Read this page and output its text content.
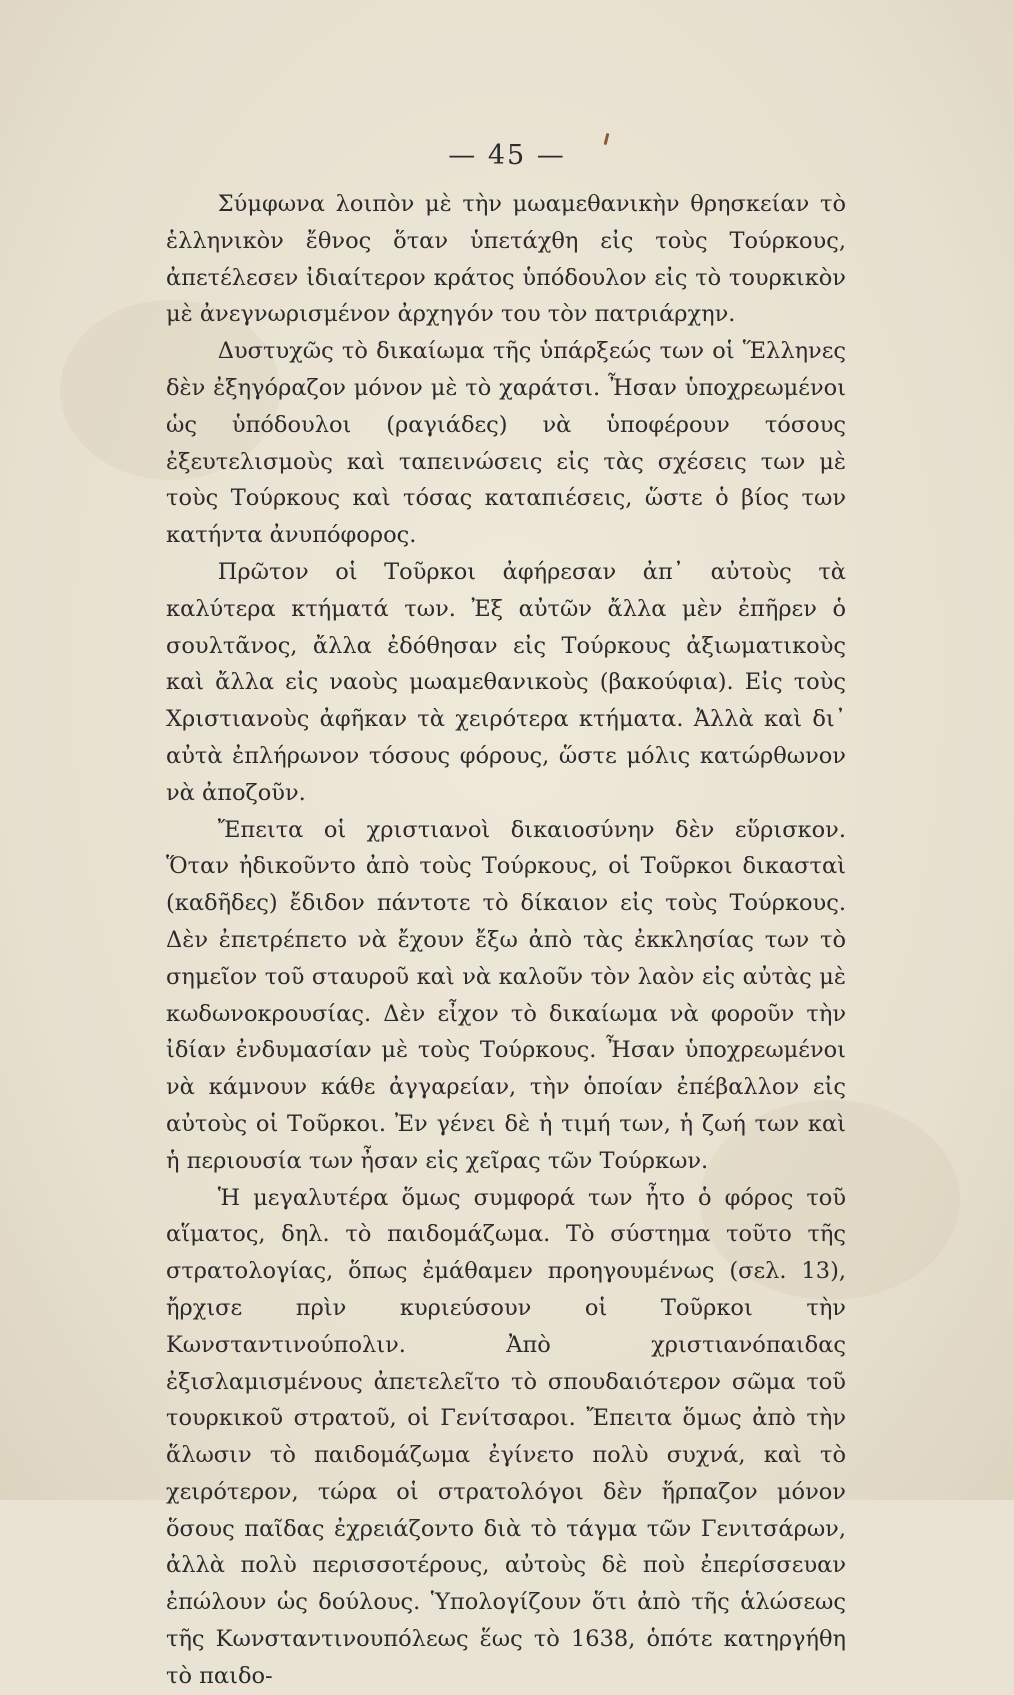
— 45 —

Σύμφωνα λοιπὸν μὲ τὴν μωαμεθανικὴν θρησκείαν τὸ ἑλληνικὸν ἔθνος ὅταν ὑπετάχθη εἰς τοὺς Τούρκους, ἀπετέλεσεν ἰδιαίτερον κράτος ὑπόδουλον εἰς τὸ τουρκικὸν μὲ ἀνεγνωρισμένον ἀρχηγόν του τὸν πατριάρχην.

Δυστυχῶς τὸ δικαίωμα τῆς ὑπάρξεώς των οἱ Ἕλληνες δὲν ἐξηγόραζον μόνον μὲ τὸ χαράτσι. Ἦσαν ὑποχρεωμένοι ὡς ὑπόδουλοι (ραγιάδες) νὰ ὑποφέρουν τόσους ἐξευτελισμοὺς καὶ ταπεινώσεις εἰς τὰς σχέσεις των μὲ τοὺς Τούρκους καὶ τόσας καταπιέσεις, ὥστε ὁ βίος των κατήντα ἀνυπόφορος.

Πρῶτον οἱ Τοῦρκοι ἀφήρεσαν ἀπ᾿ αὐτοὺς τὰ καλύτερα κτήματά των. Ἐξ αὐτῶν ἄλλα μὲν ἐπῆρεν ὁ σουλτᾶνος, ἄλλα ἐδόθησαν εἰς Τούρκους ἀξιωματικοὺς καὶ ἄλλα εἰς ναοὺς μωαμεθανικοὺς (βακούφια). Εἰς τοὺς Χριστιανοὺς ἀφῆκαν τὰ χειρότερα κτήματα. Ἀλλὰ καὶ δι᾿ αὐτὰ ἐπλήρωνον τόσους φόρους, ὥστε μόλις κατώρθωνον νὰ ἀποζοῦν.

Ἔπειτα οἱ χριστιανοὶ δικαιοσύνην δὲν εὕρισκον. Ὅταν ἠδικοῦντο ἀπὸ τοὺς Τούρκους, οἱ Τοῦρκοι δικασταὶ (καδῆδες) ἔδιδον πάντοτε τὸ δίκαιον εἰς τοὺς Τούρκους. Δὲν ἐπετρέπετο νὰ ἔχουν ἔξω ἀπὸ τὰς ἐκκλησίας των τὸ σημεῖον τοῦ σταυροῦ καὶ νὰ καλοῦν τὸν λαὸν εἰς αὐτὰς μὲ κωδωνοκρουσίας. Δὲν εἶχον τὸ δικαίωμα νὰ φοροῦν τὴν ἰδίαν ἐνδυμασίαν μὲ τοὺς Τούρκους. Ἦσαν ὑποχρεωμένοι νὰ κάμνουν κάθε ἀγγαρείαν, τὴν ὁποίαν ἐπέβαλλον εἰς αὐτοὺς οἱ Τοῦρκοι. Ἐν γένει δὲ ἡ τιμή των, ἡ ζωή των καὶ ἡ περιουσία των ἦσαν εἰς χεῖρας τῶν Τούρκων.

Ἡ μεγαλυτέρα ὅμως συμφορά των ἦτο ὁ φόρος τοῦ αἵματος, δηλ. τὸ παιδομάζωμα. Τὸ σύστημα τοῦτο τῆς στρατολογίας, ὅπως ἐμάθαμεν προηγουμένως (σελ. 13), ἤρχισε πρὶν κυριεύσουν οἱ Τοῦρκοι τὴν Κωνσταντινούπολιν. Ἀπὸ χριστιανόπαιδας ἐξισλαμισμένους ἀπετελεῖτο τὸ σπουδαιότερον σῶμα τοῦ τουρκικοῦ στρατοῦ, οἱ Γενίτσαροι. Ἔπειτα ὅμως ἀπὸ τὴν ἅλωσιν τὸ παιδομάζωμα ἐγίνετο πολὺ συχνά, καὶ τὸ χειρότερον, τώρα οἱ στρατολόγοι δὲν ἥρπαζον μόνον ὅσους παῖδας ἐχρειάζοντο διὰ τὸ τάγμα τῶν Γενιτσάρων, ἀλλὰ πολὺ περισσοτέρους, αὐτοὺς δὲ ποὺ ἐπερίσσευαν ἐπώλουν ὡς δούλους. Ὑπολογίζουν ὅτι ἀπὸ τῆς ἁλώσεως τῆς Κωνσταντινουπόλεως ἕως τὸ 1638, ὁπότε κατηργήθη τὸ παιδο-
